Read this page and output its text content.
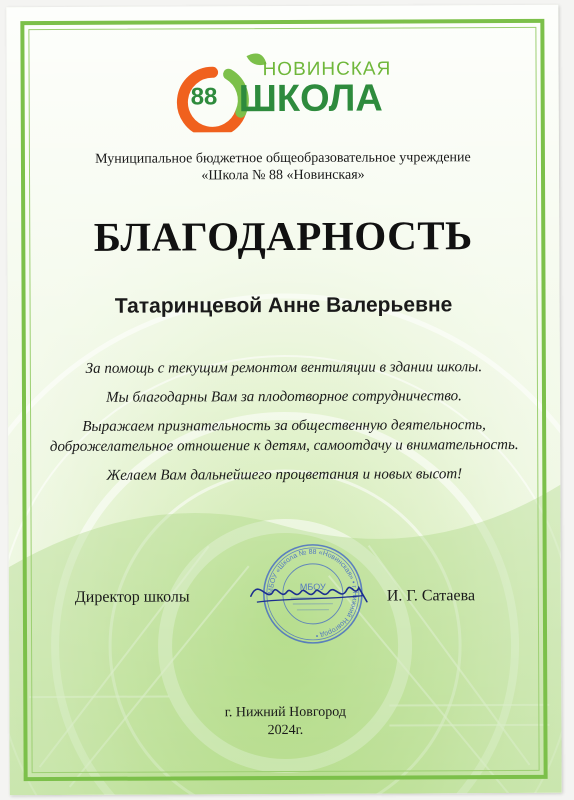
НОВИНСКАЯ
88 ШКОЛА
Муниципальное бюджетное общеобразовательное учреждение
«Школа № 88 «Новинская»
БЛАГОДАРНОСТЬ
Татаринцевой Анне Валерьевне

За помощь с текущим ремонтом вентиляции в здании школы.

Мы благодарны Вам за плодотворное сотрудничество.

Выражаем признательность за общественную деятельность, доброжелательное отношение к детям, самоотдачу и внимательность.

Желаем Вам дальнейшего процветания и новых высот!

МБОУ «Школа № 88 «Новинская» • г. Нижний Новгород •
МБОУ
Директор школы	И. Г. Сатаева
г. Нижний Новгород
2024г.
